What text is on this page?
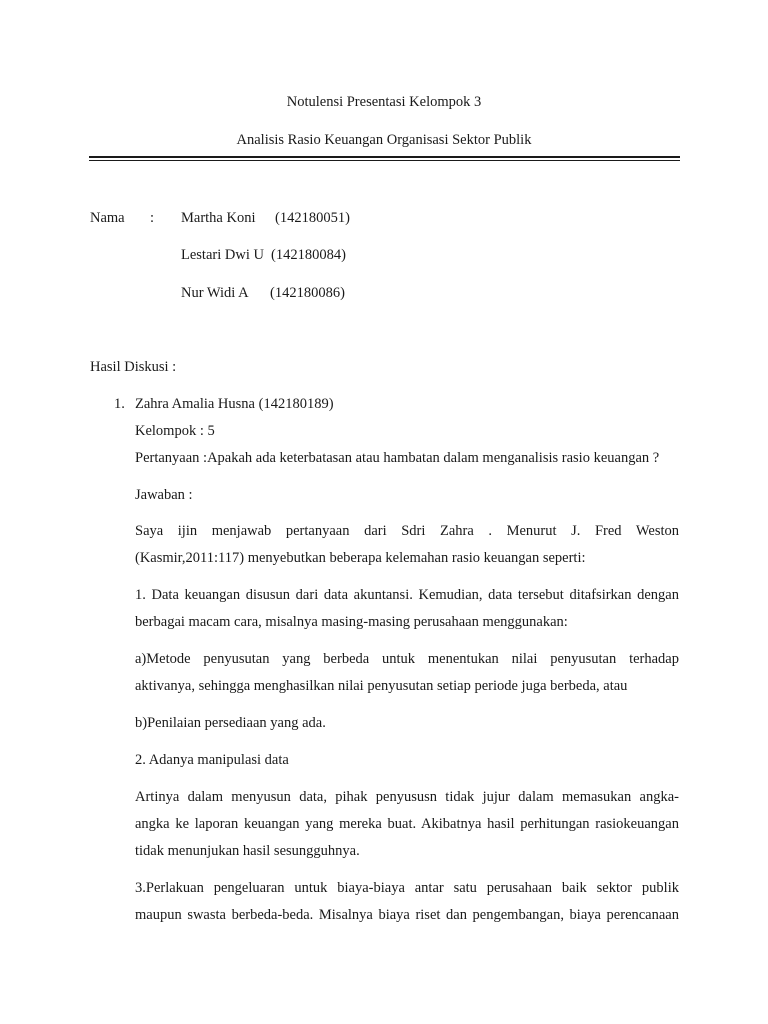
Notulensi Presentasi Kelompok 3
Analisis Rasio Keuangan Organisasi Sektor Publik
Nama : Martha Koni (142180051)
Lestari Dwi U (142180084)
Nur Widi A (142180086)
Hasil Diskusi :
1. Zahra Amalia Husna (142180189)
Kelompok : 5
Pertanyaan :Apakah ada keterbatasan atau hambatan dalam menganalisis rasio keuangan ?
Jawaban :
Saya ijin menjawab pertanyaan dari Sdri Zahra . Menurut J. Fred Weston
(Kasmir,2011:117) menyebutkan beberapa kelemahan rasio keuangan seperti:
1. Data keuangan disusun dari data akuntansi. Kemudian, data tersebut ditafsirkan dengan
berbagai macam cara, misalnya masing-masing perusahaan menggunakan:
a)Metode penyusutan yang berbeda untuk menentukan nilai penyusutan terhadap
aktivanya, sehingga menghasilkan nilai penyusutan setiap periode juga berbeda, atau
b)Penilaian persediaan yang ada.
2. Adanya manipulasi data
Artinya dalam menyusun data, pihak penyususn tidak jujur dalam memasukan angka-
angka ke laporan keuangan yang mereka buat. Akibatnya hasil perhitungan rasiokeuangan
tidak menunjukan hasil sesungguhnya.
3.Perlakuan pengeluaran untuk biaya-biaya antar satu perusahaan baik sektor publik
maupun swasta berbeda-beda. Misalnya biaya riset dan pengembangan, biaya perencanaan
